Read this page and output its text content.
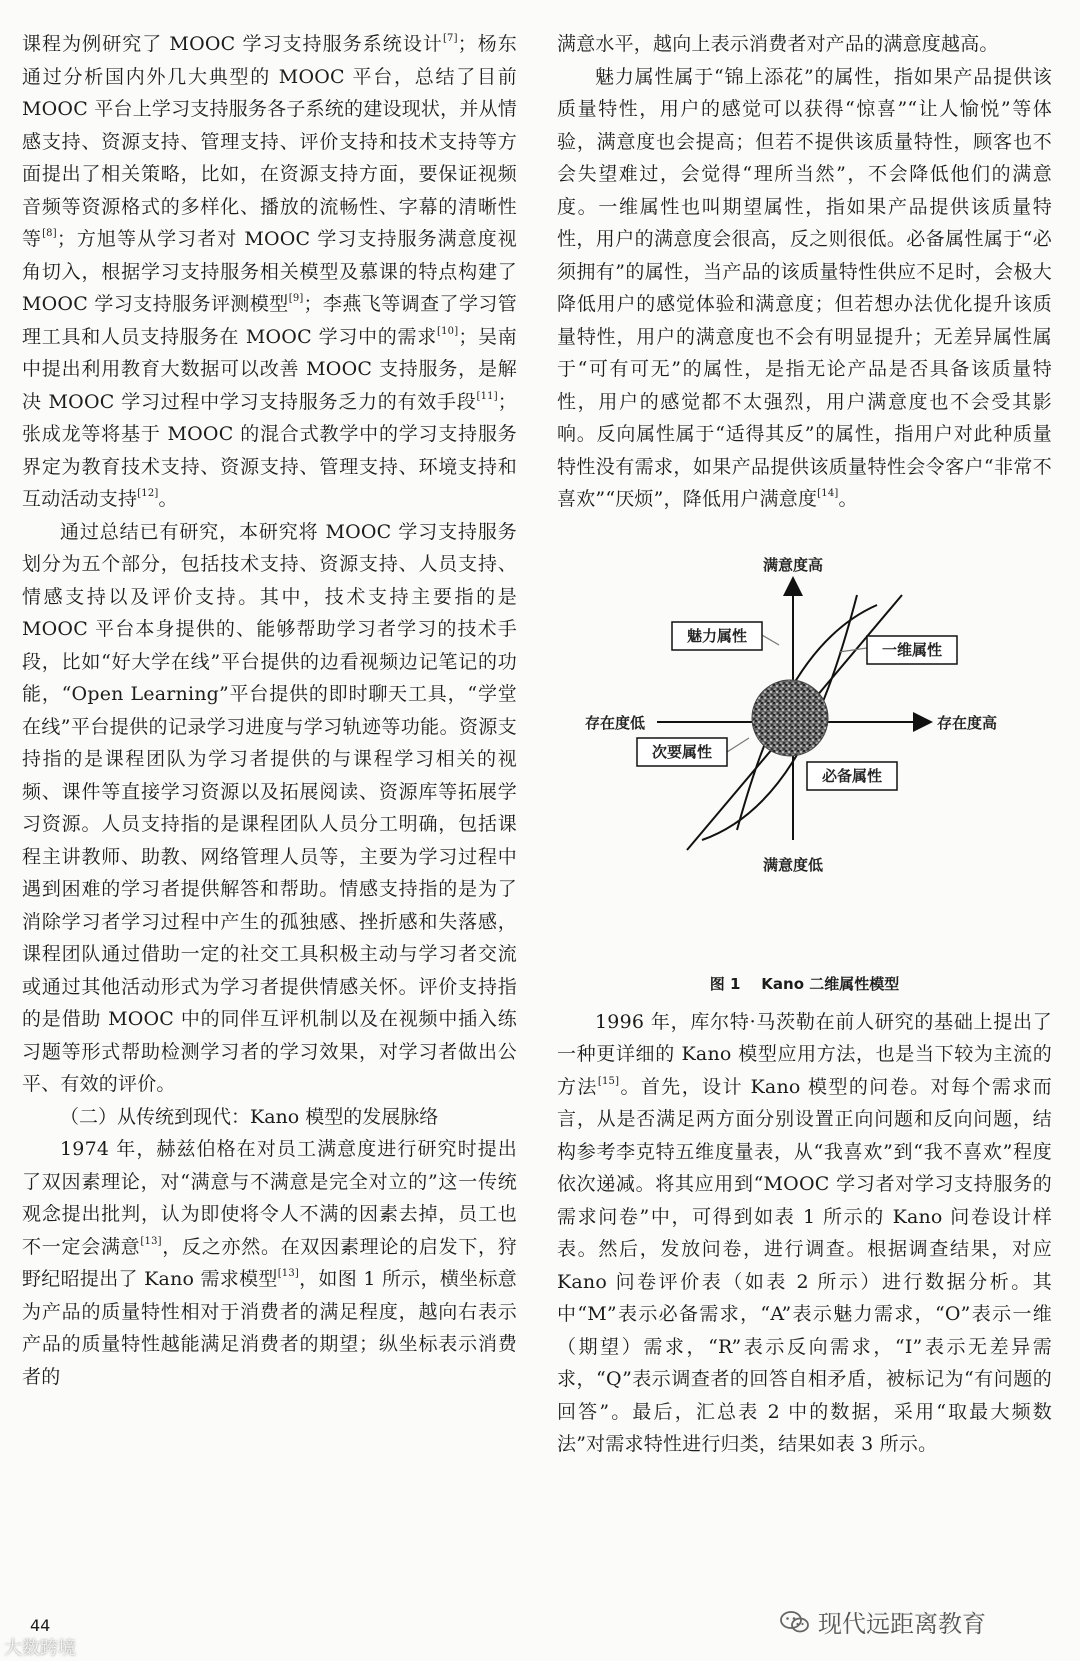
课程为例研究了 MOOC 学习支持服务系统设计[7]；杨东通过分析国内外几大典型的 MOOC 平台，总结了目前 MOOC 平台上学习支持服务各子系统的建设现状，并从情感支持、资源支持、管理支持、评价支持和技术支持等方面提出了相关策略，比如，在资源支持方面，要保证视频音频等资源格式的多样化、播放的流畅性、字幕的清晰性等[8]；方旭等从学习者对 MOOC 学习支持服务满意度视角切入，根据学习支持服务相关模型及慕课的特点构建了 MOOC 学习支持服务评测模型[9]；李燕飞等调查了学习管理工具和人员支持服务在 MOOC 学习中的需求[10]；吴南中提出利用教育大数据可以改善 MOOC 支持服务，是解决 MOOC 学习过程中学习支持服务乏力的有效手段[11]；张成龙等将基于 MOOC 的混合式教学中的学习支持服务界定为教育技术支持、资源支持、管理支持、环境支持和互动活动支持[12]。

通过总结已有研究，本研究将 MOOC 学习支持服务划分为五个部分，包括技术支持、资源支持、人员支持、情感支持以及评价支持。其中，技术支持主要指的是 MOOC 平台本身提供的、能够帮助学习者学习的技术手段，比如“好大学在线”平台提供的边看视频边记笔记的功能，“Open Learning”平台提供的即时聊天工具，“学堂在线”平台提供的记录学习进度与学习轨迹等功能。资源支持指的是课程团队为学习者提供的与课程学习相关的视频、课件等直接学习资源以及拓展阅读、资源库等拓展学习资源。人员支持指的是课程团队人员分工明确，包括课程主讲教师、助教、网络管理人员等，主要为学习过程中遇到困难的学习者提供解答和帮助。情感支持指的是为了消除学习者学习过程中产生的孤独感、挫折感和失落感，课程团队通过借助一定的社交工具积极主动与学习者交流或通过其他活动形式为学习者提供情感关怀。评价支持指的是借助 MOOC 中的同伴互评机制以及在视频中插入练习题等形式帮助检测学习者的学习效果，对学习者做出公平、有效的评价。

（二）从传统到现代：Kano 模型的发展脉络

1974 年，赫兹伯格在对员工满意度进行研究时提出了双因素理论，对“满意与不满意是完全对立的”这一传统观念提出批判，认为即使将令人不满的因素去掉，员工也不一定会满意[13]，反之亦然。在双因素理论的启发下，狩野纪昭提出了 Kano 需求模型[13]，如图 1 所示，横坐标意为产品的质量特性相对于消费者的满足程度，越向右表示产品的质量特性越能满足消费者的期望；纵坐标表示消费者的

满意水平，越向上表示消费者对产品的满意度越高。

魅力属性属于“锦上添花”的属性，指如果产品提供该质量特性，用户的感觉可以获得“惊喜”“让人愉悦”等体验，满意度也会提高；但若不提供该质量特性，顾客也不会失望难过，会觉得“理所当然”，不会降低他们的满意度。一维属性也叫期望属性，指如果产品提供该质量特性，用户的满意度会很高，反之则很低。必备属性属于“必须拥有”的属性，当产品的该质量特性供应不足时，会极大降低用户的感觉体验和满意度；但若想办法优化提升该质量特性，用户的满意度也不会有明显提升；无差异属性属于“可有可无”的属性，是指无论产品是否具备该质量特性，用户的感觉都不太强烈，用户满意度也不会受其影响。反向属性属于“适得其反”的属性，指用户对此种质量特性没有需求，如果产品提供该质量特性会令客户“非常不喜欢”“厌烦”，降低用户满意度[14]。

满意度高
满意度低
存在度低	存在度高
魅力属性
一维属性
次要属性
必备属性
图 1 Kano 二维属性模型

1996 年，库尔特·马茨勒在前人研究的基础上提出了一种更详细的 Kano 模型应用方法，也是当下较为主流的方法[15]。首先，设计 Kano 模型的问卷。对每个需求而言，从是否满足两方面分别设置正向问题和反向问题，结构参考李克特五维度量表，从“我喜欢”到“我不喜欢”程度依次递减。将其应用到“MOOC 学习者对学习支持服务的需求问卷”中，可得到如表 1 所示的 Kano 问卷设计样表。然后，发放问卷，进行调查。根据调查结果，对应 Kano 问卷评价表（如表 2 所示）进行数据分析。其中“M”表示必备需求，“A”表示魅力需求，“O”表示一维（期望）需求，“R”表示反向需求，“I”表示无差异需求，“Q”表示调查者的回答自相矛盾，被标记为“有问题的回答”。最后，汇总表 2 中的数据，采用“取最大频数法”对需求特性进行归类，结果如表 3 所示。

44
大数跨境
现代远距离教育
